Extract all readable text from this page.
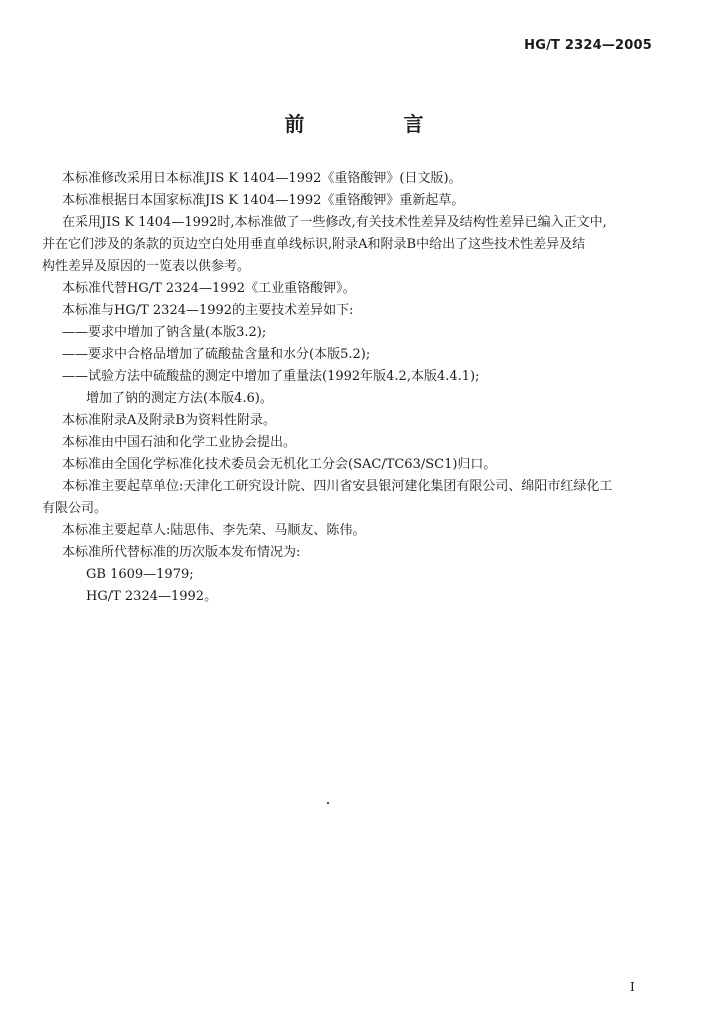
HG/T 2324—2005
前 言

本标准修改采用日本标准JIS K 1404—1992《重铬酸钾》(日文版)。

本标准根据日本国家标准JIS K 1404—1992《重铬酸钾》重新起草。

在采用JIS K 1404—1992时,本标准做了一些修改,有关技术性差异及结构性差异已编入正文中,

并在它们涉及的条款的页边空白处用垂直单线标识,附录A和附录B中给出了这些技术性差异及结

构性差异及原因的一览表以供参考。

本标准代替HG/T 2324—1992《工业重铬酸钾》。

本标准与HG/T 2324—1992的主要技术差异如下:

——要求中增加了钠含量(本版3.2);

——要求中合格品增加了硫酸盐含量和水分(本版5.2);

——试验方法中硫酸盐的测定中增加了重量法(1992年版4.2,本版4.4.1);

增加了钠的测定方法(本版4.6)。

本标准附录A及附录B为资料性附录。

本标准由中国石油和化学工业协会提出。

本标准由全国化学标准化技术委员会无机化工分会(SAC/TC63/SC1)归口。

本标准主要起草单位:天津化工研究设计院、四川省安县银河建化集团有限公司、绵阳市红绿化工

有限公司。

本标准主要起草人:陆思伟、李先荣、马顺友、陈伟。

本标准所代替标准的历次版本发布情况为:

GB 1609—1979;

HG/T 2324—1992。

I
